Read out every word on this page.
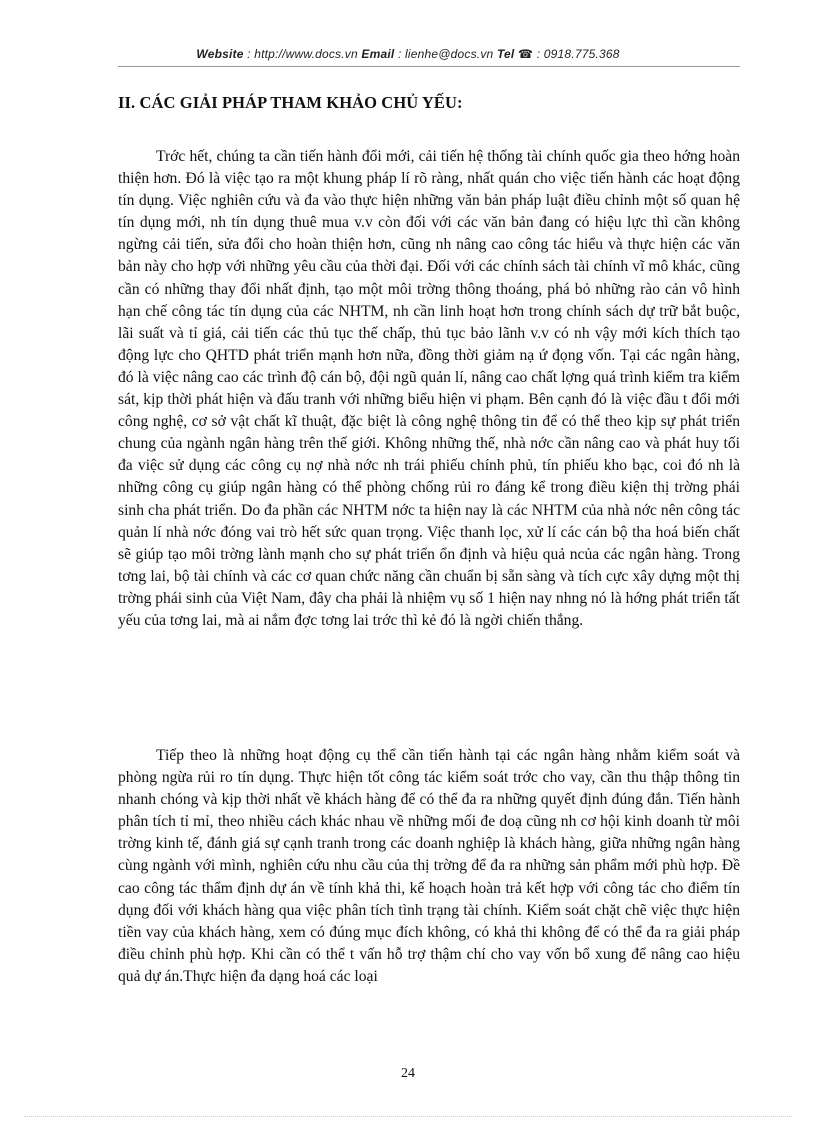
Website : http://www.docs.vn Email : lienhe@docs.vn Tel ☎ : 0918.775.368
II. CÁC GIẢI PHÁP THAM KHẢO CHỦ YẾU:

Trớc hết, chúng ta cần tiến hành đổi mới, cải tiến hệ thống tài chính quốc gia theo hớng hoàn thiện hơn. Đó là việc tạo ra một khung pháp lí rõ ràng, nhất quán cho việc tiến hành các hoạt động tín dụng. Việc nghiên cứu và đa vào thực hiện những văn bản pháp luật điều chỉnh một số quan hệ tín dụng mới, nh tín dụng thuê mua v.v còn đối với các văn bản đang có hiệu lực thì cần không ngừng cải tiến, sửa đổi cho hoàn thiện hơn, cũng nh nâng cao công tác hiểu và thực hiện các văn bản này cho hợp với những yêu cầu của thời đại. Đối với các chính sách tài chính vĩ mô khác, cũng cần có những thay đổi nhất định, tạo một môi trờng thông thoáng, phá bỏ những rào cản vô hình hạn chế công tác tín dụng của các NHTM, nh cần linh hoạt hơn trong chính sách dự trữ bắt buộc, lãi suất và tỉ giá, cải tiến các thủ tục thế chấp, thủ tục bảo lãnh v.v có nh vậy mới kích thích tạo động lực cho QHTD phát triển mạnh hơn nữa, đồng thời giảm nạ ứ đọng vốn. Tại các ngân hàng, đó là việc nâng cao các trình độ cán bộ, đội ngũ quản lí, nâng cao chất lợng quá trình kiểm tra kiểm sát, kịp thời phát hiện và đấu tranh với những biểu hiện vi phạm. Bên cạnh đó là việc đầu t đổi mới công nghệ, cơ sở vật chất kĩ thuật, đặc biệt là công nghệ thông tin để có thể theo kịp sự phát triển chung của ngành ngân hàng trên thế giới. Không những thế, nhà nớc cần nâng cao và phát huy tối đa việc sử dụng các công cụ nợ nhà nớc nh trái phiếu chính phủ, tín phiếu kho bạc, coi đó nh là những công cụ giúp ngân hàng có thể phòng chống rủi ro đáng kể trong điều kiện thị trờng phái sinh cha phát triển. Do đa phần các NHTM nớc ta hiện nay là các NHTM của nhà nớc nên công tác quản lí nhà nớc đóng vai trò hết sức quan trọng. Việc thanh lọc, xử lí các cán bộ tha hoá biến chất sẽ giúp tạo môi trờng lành mạnh cho sự phát triển ổn định và hiệu quả ncủa các ngân hàng. Trong tơng lai, bộ tài chính và các cơ quan chức năng cần chuẩn bị sẵn sàng và tích cực xây dựng một thị trờng phái sinh của Việt Nam, đây cha phải là nhiệm vụ số 1 hiện nay nhng nó là hớng phát triển tất yếu của tơng lai, mà ai nắm đợc tơng lai trớc thì kẻ đó là ngời chiến thắng.

Tiếp theo là những hoạt động cụ thể cần tiến hành tại các ngân hàng nhằm kiểm soát và phòng ngừa rủi ro tín dụng. Thực hiện tốt công tác kiểm soát trớc cho vay, cần thu thập thông tin nhanh chóng và kịp thời nhất về khách hàng để có thể đa ra những quyết định đúng đắn. Tiến hành phân tích tỉ mỉ, theo nhiều cách khác nhau về những mối đe doạ cũng nh cơ hội kinh doanh từ môi trờng kinh tế, đánh giá sự cạnh tranh trong các doanh nghiệp là khách hàng, giữa những ngân hàng cùng ngành với mình, nghiên cứu nhu cầu của thị trờng để đa ra những sản phẩm mới phù hợp. Đề cao công tác thẩm định dự án về tính khả thi, kế hoạch hoàn trả kết hợp với công tác cho điểm tín dụng đối với khách hàng qua việc phân tích tình trạng tài chính. Kiểm soát chặt chẽ việc thực hiện tiền vay của khách hàng, xem có đúng mục đích không, có khả thi không để có thể đa ra giải pháp điều chỉnh phù hợp. Khi cần có thể t vấn hỗ trợ thậm chí cho vay vốn bổ xung để nâng cao hiệu quả dự án.Thực hiện đa dạng hoá các loại

24
